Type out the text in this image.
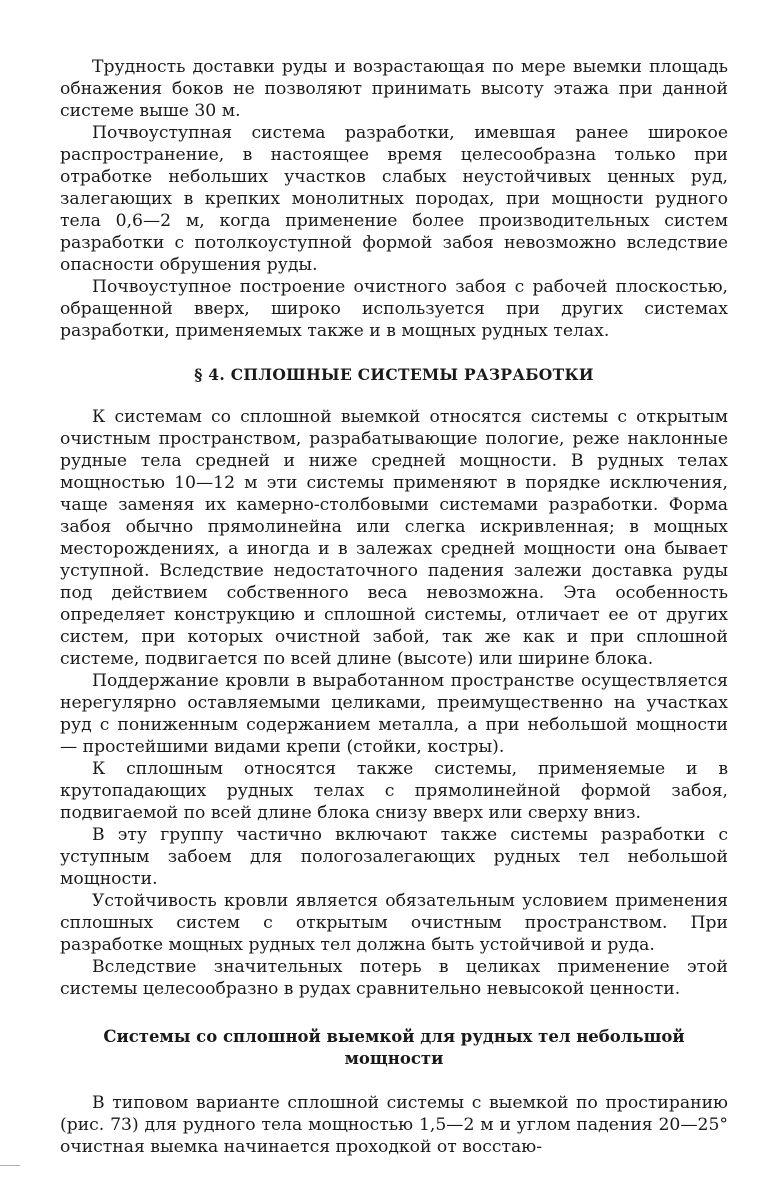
Трудность доставки руды и возрастающая по мере выемки площадь обнажения боков не позволяют принимать высоту этажа при данной системе выше 30 м.

Почвоуступная система разработки, имевшая ранее широкое распространение, в настоящее время целесообразна только при отработке небольших участков слабых неустойчивых ценных руд, залегающих в крепких монолитных породах, при мощности рудного тела 0,6—2 м, когда применение более производительных систем разработки с потолкоуступной формой забоя невозможно вследствие опасности обрушения руды.

Почвоуступное построение очистного забоя с рабочей плоскостью, обращенной вверх, широко используется при других системах разработки, применяемых также и в мощных рудных телах.

§ 4. СПЛОШНЫЕ СИСТЕМЫ РАЗРАБОТКИ

К системам со сплошной выемкой относятся системы с открытым очистным пространством, разрабатывающие пологие, реже наклонные рудные тела средней и ниже средней мощности. В рудных телах мощностью 10—12 м эти системы применяют в порядке исключения, чаще заменяя их камерно-столбовыми системами разработки. Форма забоя обычно прямолинейна или слегка искривленная; в мощных месторождениях, а иногда и в залежах средней мощности она бывает уступной. Вследствие недостаточного падения залежи доставка руды под действием собственного веса невозможна. Эта особенность определяет конструкцию и сплошной системы, отличает ее от других систем, при которых очистной забой, так же как и при сплошной системе, подвигается по всей длине (высоте) или ширине блока.

Поддержание кровли в выработанном пространстве осуществляется нерегулярно оставляемыми целиками, преимущественно на участках руд с пониженным содержанием металла, а при небольшой мощности — простейшими видами крепи (стойки, костры).

К сплошным относятся также системы, применяемые и в крутопадающих рудных телах с прямолинейной формой забоя, подвигаемой по всей длине блока снизу вверх или сверху вниз.

В эту группу частично включают также системы разработки с уступным забоем для пологозалегающих рудных тел небольшой мощности.

Устойчивость кровли является обязательным условием применения сплошных систем с открытым очистным пространством. При разработке мощных рудных тел должна быть устойчивой и руда.

Вследствие значительных потерь в целиках применение этой системы целесообразно в рудах сравнительно невысокой ценности.

Системы со сплошной выемкой для рудных тел небольшой мощности

В типовом варианте сплошной системы с выемкой по простиранию (рис. 73) для рудного тела мощностью 1,5—2 м и углом падения 20—25° очистная выемка начинается проходкой от восстаю-
